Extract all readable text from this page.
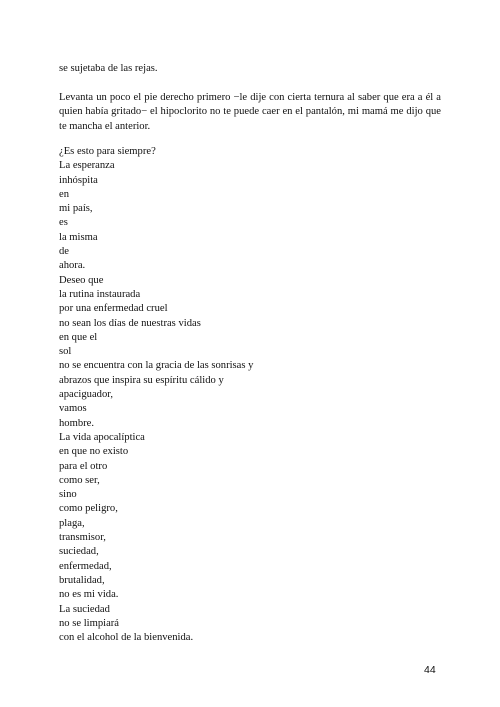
se sujetaba de las rejas.
Levanta un poco el pie derecho primero −le dije con cierta ternura al saber que era a él a quien había gritado− el hipoclorito no te puede caer en el pantalón, mi mamá me dijo que te mancha el anterior.
¿Es esto para siempre?
La esperanza
inhóspita
en
mi país,
es
la misma
de
ahora.
Deseo que
la rutina instaurada
por una enfermedad cruel
no sean los días de nuestras vidas
en que el
sol
no se encuentra con la gracia de las sonrisas y
abrazos que inspira su espíritu cálido y
apaciguador,
vamos
hombre.
La vida apocalíptica
en que no existo
para el otro
como ser,
sino
como peligro,
plaga,
transmisor,
suciedad,
enfermedad,
brutalidad,
no es mi vida.
La suciedad
no se limpiará
con el alcohol de la bienvenida.
44
